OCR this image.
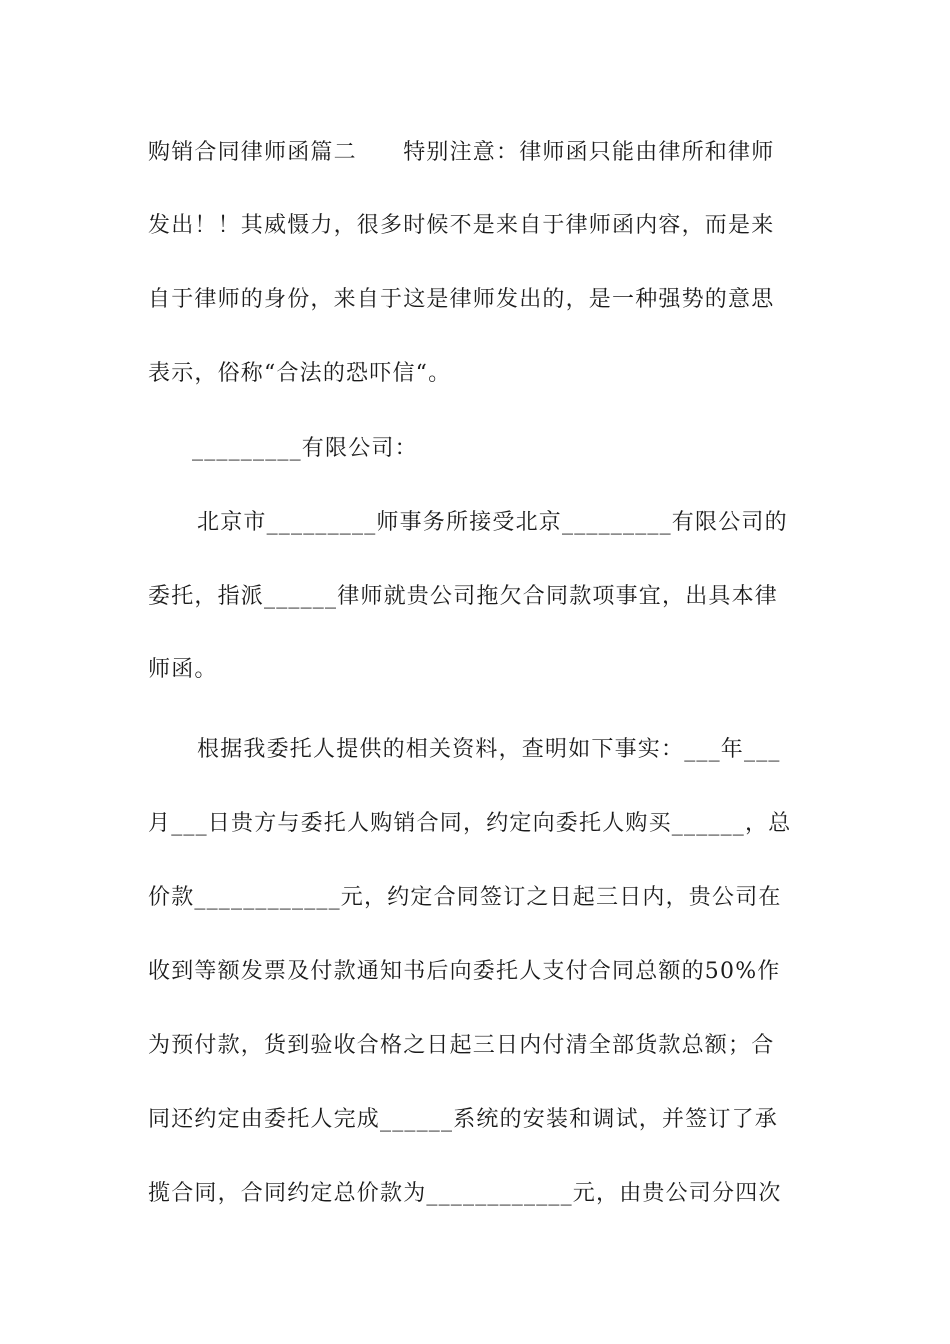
购销合同律师函篇二　　特别注意：律师函只能由律所和律师
发出！！其威慑力，很多时候不是来自于律师函内容，而是来
自于律师的身份，来自于这是律师发出的，是一种强势的意思
表示，俗称“合法的恐吓信“。
_________有限公司：
北京市_________师事务所接受北京_________有限公司的
委托，指派______律师就贵公司拖欠合同款项事宜，出具本律
师函。
根据我委托人提供的相关资料，查明如下事实：___年___
月___日贵方与委托人购销合同，约定向委托人购买______，总
价款____________元，约定合同签订之日起三日内，贵公司在
收到等额发票及付款通知书后向委托人支付合同总额的50%作
为预付款，货到验收合格之日起三日内付清全部货款总额；合
同还约定由委托人完成______系统的安装和调试，并签订了承
揽合同，合同约定总价款为____________元，由贵公司分四次
